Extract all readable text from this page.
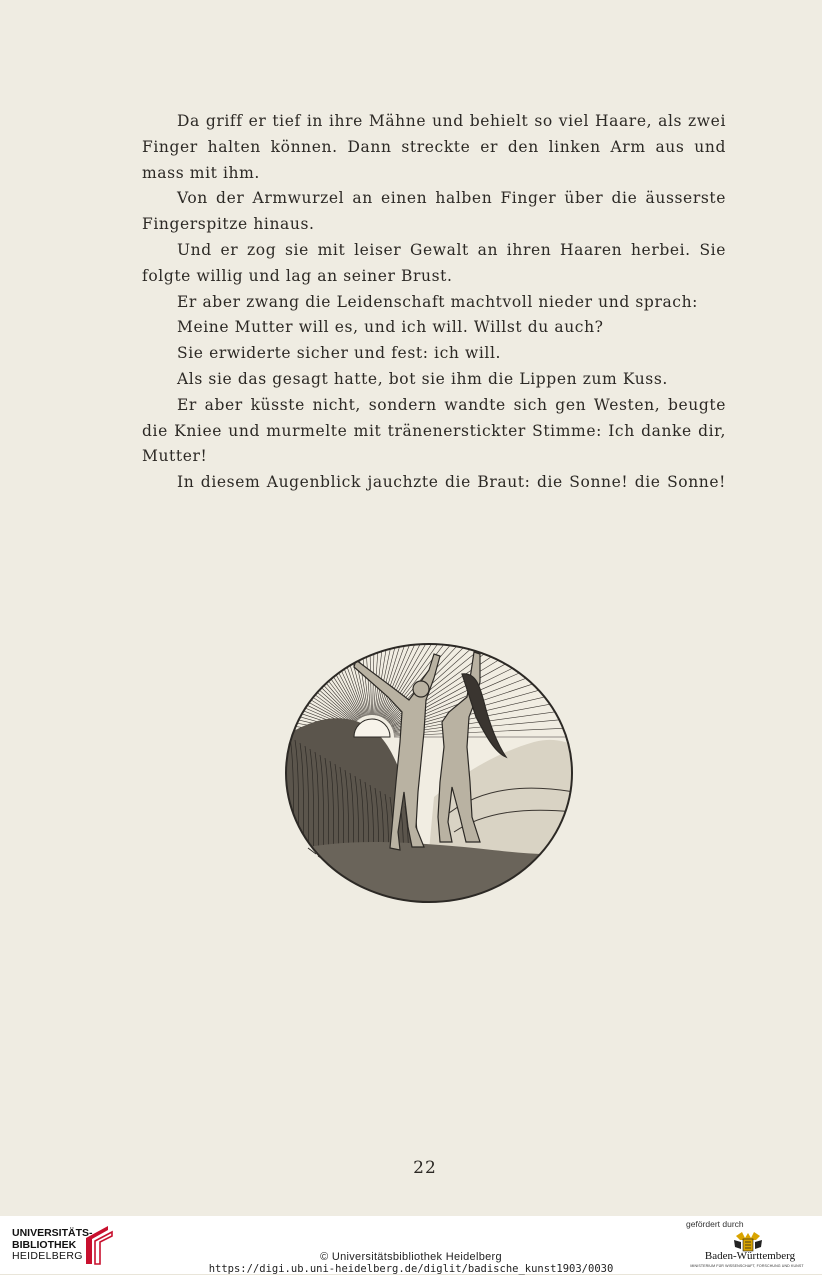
Da griff er tief in ihre Mähne und behielt so viel Haare, als zwei Finger halten können. Dann streckte er den linken Arm aus und mass mit ihm.

Von der Armwurzel an einen halben Finger über die äusserste Fingerspitze hinaus.

Und er zog sie mit leiser Gewalt an ihren Haaren herbei. Sie folgte willig und lag an seiner Brust.

Er aber zwang die Leidenschaft machtvoll nieder und sprach:

Meine Mutter will es, und ich will. Willst du auch?

Sie erwiderte sicher und fest: ich will.

Als sie das gesagt hatte, bot sie ihm die Lippen zum Kuss.

Er aber küsste nicht, sondern wandte sich gen Westen, beugte die Kniee und murmelte mit tränenerstickter Stimme: Ich danke dir, Mutter!

In diesem Augenblick jauchzte die Braut: die Sonne! die Sonne!

22
UNIVERSITÄTS-
BIBLIOTHEK
HEIDELBERG	© Universitätsbibliothek Heidelberg
https://digi.ub.uni-heidelberg.de/diglit/badische_kunst1903/0030
gefördert durch
Baden-Württemberg
MINISTERIUM FÜR WISSENSCHAFT, FORSCHUNG UND KUNST
